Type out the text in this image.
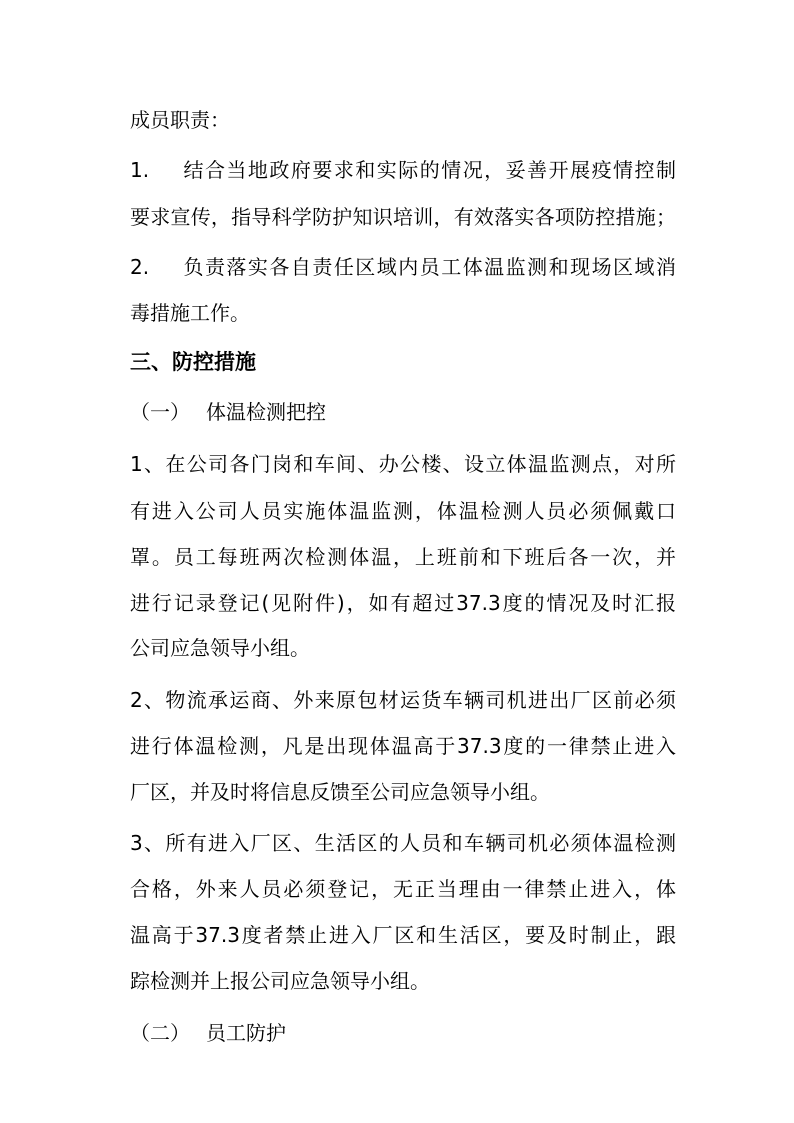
成员职责：
1. 结合当地政府要求和实际的情况，妥善开展疫情控制
要求宣传，指导科学防护知识培训，有效落实各项防控措施；
2. 负责落实各自责任区域内员工体温监测和现场区域消
毒措施工作。
三、防控措施
（一） 体温检测把控
1、在公司各门岗和车间、办公楼、设立体温监测点，对所
有进入公司人员实施体温监测，体温检测人员必须佩戴口
罩。员工每班两次检测体温，上班前和下班后各一次，并
进行记录登记(见附件)，如有超过37.3度的情况及时汇报
公司应急领导小组。
2、物流承运商、外来原包材运货车辆司机进出厂区前必须
进行体温检测，凡是出现体温高于37.3度的一律禁止进入
厂区，并及时将信息反馈至公司应急领导小组。
3、所有进入厂区、生活区的人员和车辆司机必须体温检测
合格，外来人员必须登记，无正当理由一律禁止进入，体
温高于37.3度者禁止进入厂区和生活区，要及时制止，跟
踪检测并上报公司应急领导小组。
（二） 员工防护
